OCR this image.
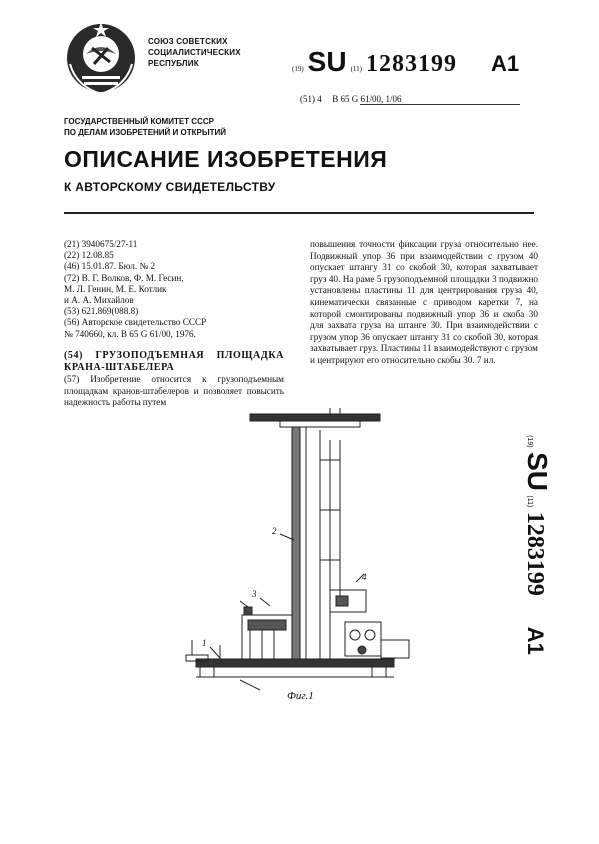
СОЮЗ СОВЕТСКИХ
СОЦИАЛИСТИЧЕСКИХ
РЕСПУБЛИК
(19) SU (11) 1283199 A1
(51) 4 B 65 G 61/00, 1/06
ГОСУДАРСТВЕННЫЙ КОМИТЕТ СССР
ПО ДЕЛАМ ИЗОБРЕТЕНИЙ И ОТКРЫТИЙ
ОПИСАНИЕ ИЗОБРЕТЕНИЯ
К АВТОРСКОМУ СВИДЕТЕЛЬСТВУ
(21) 3940675/27-11
(22) 12.08.85
(46) 15.01.87. Бюл. № 2
(72) В. Г. Волков, Ф. М. Гесин,
М. Л. Генин, М. Е. Котлик
и А. А. Михайлов
(53) 621.869(088.8)
(56) Авторское свидетельство СССР
№ 740660, кл. В 65 G 61/00, 1976.
(54) ГРУЗОПОДЪЕМНАЯ ПЛОЩАДКА КРАНА-ШТАБЕЛЕРА
(57) Изобретение относится к грузоподъемным площадкам кранов-штабелеров и позволяет повысить надежность работы путем
повышения точности фиксации груза относительно нее. Подвижный упор 36 при взаимодействии с грузом 40 опускает штангу 31 со скобой 30, которая захватывает груз 40. На раме 5 грузоподъемной площадки 3 подвижно установлены пластины 11 для центрирования груза 40, кинематически связанные с приводом каретки 7, на которой смонтированы подвижный упор 36 и скоба 30 для захвата груза на штанге 30. При взаимодействии с грузом упор 36 опускает штангу 31 со скобой 30, которая захватывает груз. Пластины 11 взаимодействуют с грузом и центрируют его относительно скобы 30. 7 ил.
(19) SU (11) 1283199  A1
1
2
3
4
Фиг.1
